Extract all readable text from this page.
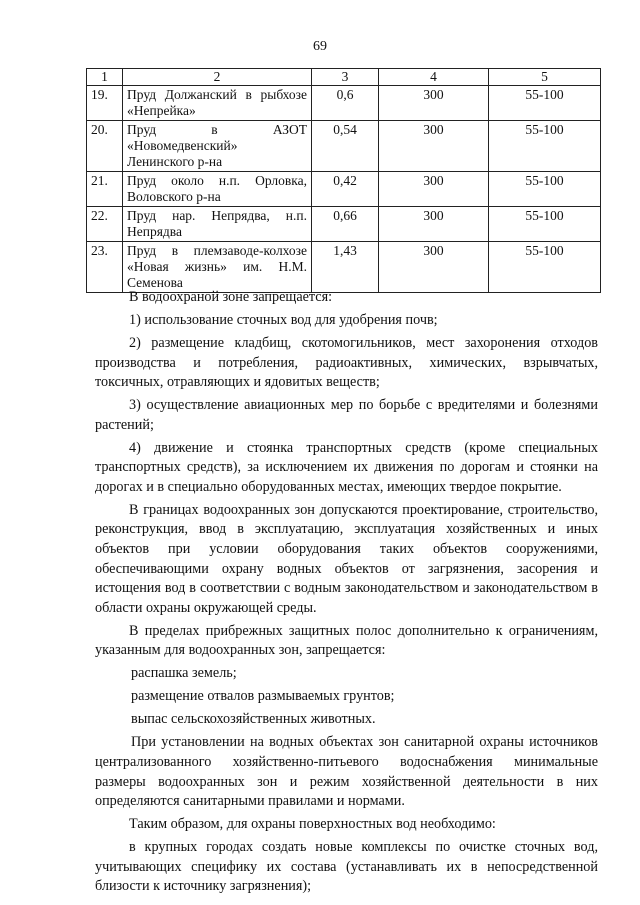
69
1	2	3	4	5
19.	Пруд Должанский в рыбхозе «Непрейка»	0,6	300	55-100
20.	Пруд в АЗОТ «Новомедвенский» Ленинского р-на	0,54	300	55-100
21.	Пруд около н.п. Орловка, Воловского р-на	0,42	300	55-100
22.	Пруд нар. Непрядва, н.п. Непрядва	0,66	300	55-100
23.	Пруд в племзаводе-колхозе «Новая жизнь» им. Н.М. Семенова	1,43	300	55-100

В водоохраной зоне запрещается:

1) использование сточных вод для удобрения почв;

2) размещение кладбищ, скотомогильников, мест захоронения отходов производства и потребления, радиоактивных, химических, взрывчатых, токсичных, отравляющих и ядовитых веществ;

3) осуществление авиационных мер по борьбе с вредителями и болезнями растений;

4) движение и стоянка транспортных средств (кроме специальных транспортных средств), за исключением их движения по дорогам и стоянки на дорогах и в специально оборудованных местах, имеющих твердое покрытие.

В границах водоохранных зон допускаются проектирование, строительство, реконструкция, ввод в эксплуатацию, эксплуатация хозяйственных и иных объектов при условии оборудования таких объектов сооружениями, обеспечивающими охрану водных объектов от загрязнения, засорения и истощения вод в соответствии с водным законодательством и законодательством в области охраны окружающей среды.

В пределах прибрежных защитных полос дополнительно к ограничениям, указанным для водоохранных зон, запрещается:

распашка земель;

размещение отвалов размываемых грунтов;

выпас сельскохозяйственных животных.

При установлении на водных объектах зон санитарной охраны источников централизованного хозяйственно-питьевого водоснабжения минимальные размеры водоохранных зон и режим хозяйственной деятельности в них определяются санитарными правилами и нормами.

Таким образом, для охраны поверхностных вод необходимо:

в крупных городах создать новые комплексы по очистке сточных вод, учитывающих специфику их состава (устанавливать их в непосредственной близости к источнику загрязнения);
